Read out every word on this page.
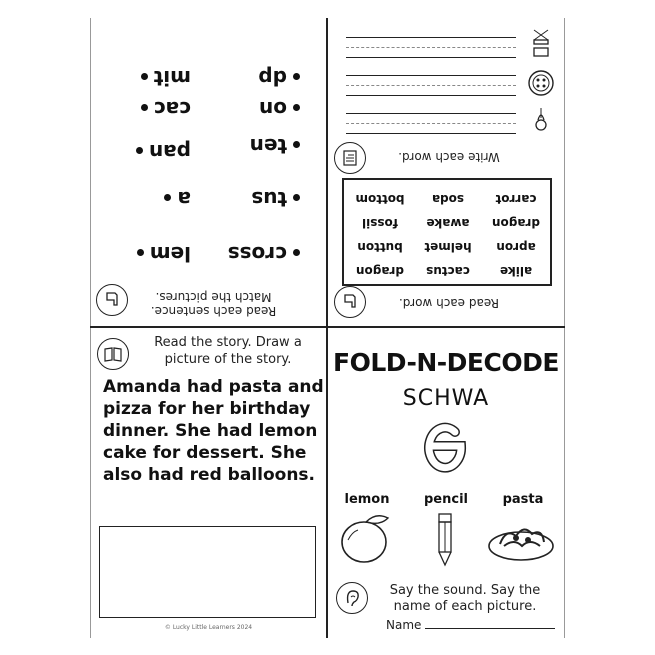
Read each sentence. Match the pictures.
cross
tus
ten
on
dp
lem
a
pan
cac
mit
Read each word.
alike
cactus
dragon
apron
helmet
button
dragon
awake
fossil
carrot
soda
bottom
Write each word.
Read the story. Draw a picture of the story.
Amanda had pasta and pizza for her birthday dinner. She had lemon cake for dessert. She also had red balloons.
© Lucky Little Learners 2024
FOLD-N-DECODE
SCHWA
lemon	pencil	pasta
Say the sound. Say the name of each picture.
Name
